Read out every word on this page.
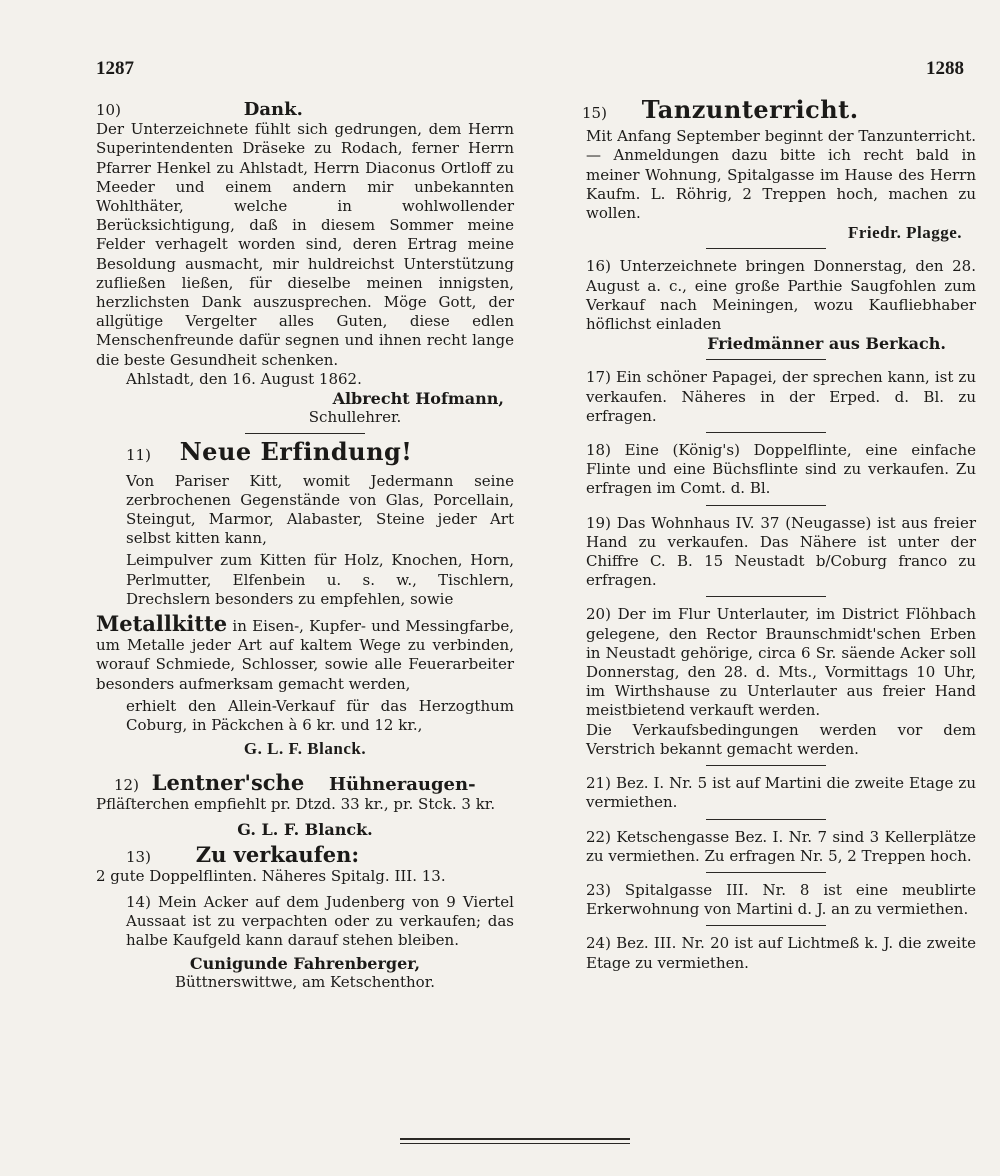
1287	1288
10)	Dank.

Der Unterzeichnete fühlt sich gedrungen, dem Herrn Superintendenten Dräseke zu Rodach, ferner Herrn Pfarrer Henkel zu Ahlstadt, Herrn Diaconus Ortloff zu Meeder und einem andern mir unbekannten Wohlthäter, welche in wohlwollender Berücksichtigung, daß in diesem Sommer meine Felder verhagelt worden sind, deren Ertrag meine Besoldung ausmacht, mir huldreichst Unterstützung zufließen ließen, für dieselbe meinen innigsten, herzlichsten Dank auszusprechen. Möge Gott, der allgütige Vergelter alles Guten, diese edlen Menschenfreunde dafür segnen und ihnen recht lange die beste Gesundheit schenken.

Ahlstadt, den 16. August 1862.

Albrecht Hofmann,

Schullehrer.

11) Neue Erfindung!

Von Pariser Kitt, womit Jedermann seine zerbrochenen Gegenstände von Glas, Porcellain, Steingut, Marmor, Alabaster, Steine jeder Art selbst kitten kann,

Leimpulver zum Kitten für Holz, Knochen, Horn, Perlmutter, Elfenbein u. s. w., Tischlern, Drechslern besonders zu empfehlen, sowie

Metallkitte in Eisen-, Kupfer- und Messingfarbe, um Metalle jeder Art auf kaltem Wege zu verbinden, worauf Schmiede, Schlosser, sowie alle Feuerarbeiter besonders aufmerksam gemacht werden,

erhielt den Allein-Verkauf für das Herzogthum Coburg, in Päckchen à 6 kr. und 12 kr.,

G. L. F. Blanck.

12) Lentner'sche Hühneraugen-

Pfläſterchen empfiehlt pr. Dtzd. 33 kr., pr. Stck. 3 kr.

G. L. F. Blanck.

13) Zu verkaufen:

2 gute Doppelflinten. Näheres Spitalg. III. 13.

14) Mein Acker auf dem Judenberg von 9 Viertel Aussaat ist zu verpachten oder zu verkaufen; das halbe Kaufgeld kann darauf stehen bleiben.

Cunigunde Fahrenberger,

Büttnerswittwe, am Ketschenthor.

15) Tanzunterricht.

Mit Anfang September beginnt der Tanzunterricht. — Anmeldungen dazu bitte ich recht bald in meiner Wohnung, Spitalgasse im Hause des Herrn Kaufm. L. Röhrig, 2 Treppen hoch, machen zu wollen.

Friedr. Plagge.

16) Unterzeichnete bringen Donnerstag, den 28. August a. c., eine große Parthie Saugfohlen zum Verkauf nach Meiningen, wozu Kaufliebhaber höflichst einladen

Friedmänner aus Berkach.

17) Ein schöner Papagei, der sprechen kann, ist zu verkaufen. Näheres in der Erped. d. Bl. zu erfragen.

18) Eine (König's) Doppelflinte, eine einfache Flinte und eine Büchsflinte sind zu verkaufen. Zu erfragen im Comt. d. Bl.

19) Das Wohnhaus IV. 37 (Neugasse) ist aus freier Hand zu verkaufen. Das Nähere ist unter der Chiffre C. B. 15 Neustadt b/Coburg franco zu erfragen.

20) Der im Flur Unterlauter, im District Flöhbach gelegene, den Rector Braunschmidt'schen Erben in Neustadt gehörige, circa 6 Sr. säende Acker soll Donnerstag, den 28. d. Mts., Vormittags 10 Uhr, im Wirthshause zu Unterlauter aus freier Hand meistbietend verkauft werden.

Die Verkaufsbedingungen werden vor dem Verstrich bekannt gemacht werden.

21) Bez. I. Nr. 5 ist auf Martini die zweite Etage zu vermiethen.

22) Ketschengasse Bez. I. Nr. 7 sind 3 Kellerplätze zu vermiethen. Zu erfragen Nr. 5, 2 Treppen hoch.

23) Spitalgasse III. Nr. 8 ist eine meublirte Erkerwohnung von Martini d. J. an zu vermiethen.

24) Bez. III. Nr. 20 ist auf Lichtmeß k. J. die zweite Etage zu vermiethen.
